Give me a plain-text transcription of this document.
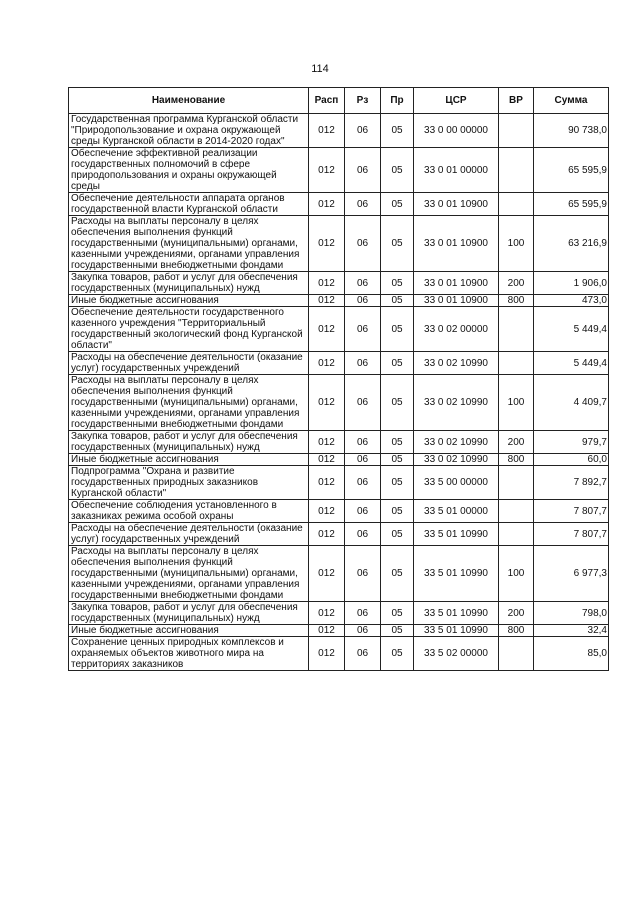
114
Наименование	Расп	Рз	Пр	ЦСР	ВР	Сумма
Государственная программа Курганской области "Природопользование и охрана окружающей среды Курганской области в 2014-2020 годах"	012	06	05	33 0 00 00000		90 738,0
Обеспечение эффективной реализации государственных полномочий в сфере природопользования и охраны окружающей среды	012	06	05	33 0 01 00000		65 595,9
Обеспечение деятельности аппарата органов государственной власти Курганской области	012	06	05	33 0 01 10900		65 595,9
Расходы на выплаты персоналу в целях обеспечения выполнения функций государственными (муниципальными) органами, казенными учреждениями, органами управления государственными внебюджетными фондами	012	06	05	33 0 01 10900	100	63 216,9
Закупка товаров, работ и услуг для обеспечения государственных (муниципальных) нужд	012	06	05	33 0 01 10900	200	1 906,0
Иные бюджетные ассигнования	012	06	05	33 0 01 10900	800	473,0
Обеспечение деятельности государственного казенного учреждения "Территориальный государственный экологический фонд Курганской области"	012	06	05	33 0 02 00000		5 449,4
Расходы на обеспечение деятельности (оказание услуг) государственных учреждений	012	06	05	33 0 02 10990		5 449,4
Расходы на выплаты персоналу в целях обеспечения выполнения функций государственными (муниципальными) органами, казенными учреждениями, органами управления государственными внебюджетными фондами	012	06	05	33 0 02 10990	100	4 409,7
Закупка товаров, работ и услуг для обеспечения государственных (муниципальных) нужд	012	06	05	33 0 02 10990	200	979,7
Иные бюджетные ассигнования	012	06	05	33 0 02 10990	800	60,0
Подпрограмма "Охрана и развитие государственных природных заказников Курганской области"	012	06	05	33 5 00 00000		7 892,7
Обеспечение соблюдения установленного в заказниках режима особой охраны	012	06	05	33 5 01 00000		7 807,7
Расходы на обеспечение деятельности (оказание услуг) государственных учреждений	012	06	05	33 5 01 10990		7 807,7
Расходы на выплаты персоналу в целях обеспечения выполнения функций государственными (муниципальными) органами, казенными учреждениями, органами управления государственными внебюджетными фондами	012	06	05	33 5 01 10990	100	6 977,3
Закупка товаров, работ и услуг для обеспечения государственных (муниципальных) нужд	012	06	05	33 5 01 10990	200	798,0
Иные бюджетные ассигнования	012	06	05	33 5 01 10990	800	32,4
Сохранение ценных природных комплексов и охраняемых объектов животного мира на территориях заказников	012	06	05	33 5 02 00000		85,0
